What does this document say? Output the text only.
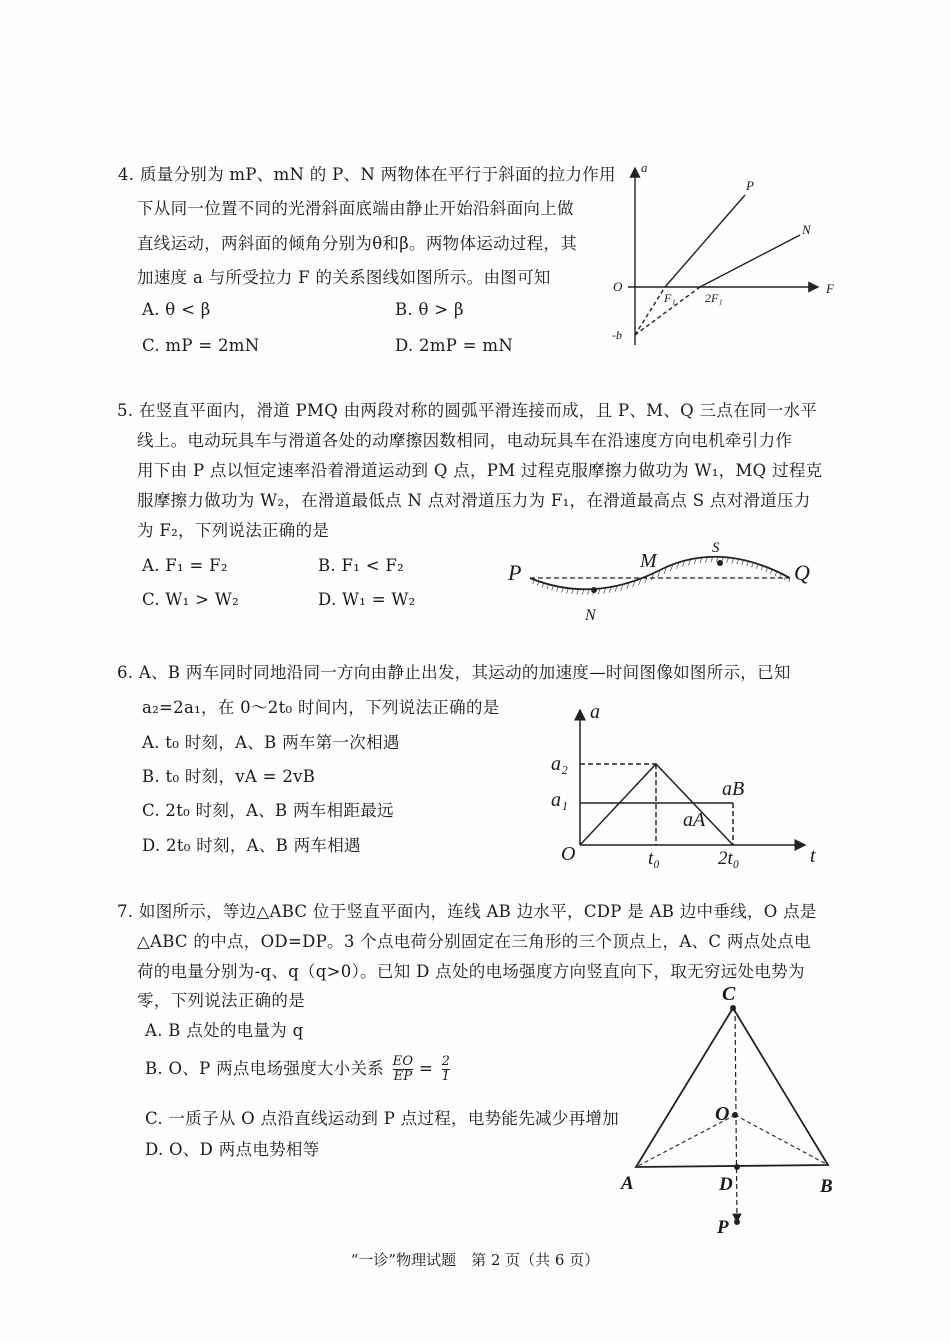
4. 质量分别为 mP、mN 的 P、N 两物体在平行于斜面的拉力作用
下从同一位置不同的光滑斜面底端由静止开始沿斜面向上做
直线运动，两斜面的倾角分别为θ和β。两物体运动过程，其
加速度 a 与所受拉力 F 的关系图线如图所示。由图可知
A. θ < β	B. θ > β
C. mP = 2mN	D. 2mP = mN
5. 在竖直平面内，滑道 PMQ 由两段对称的圆弧平滑连接而成，且 P、M、Q 三点在同一水平
线上。电动玩具车与滑道各处的动摩擦因数相同，电动玩具车在沿速度方向电机牵引力作
用下由 P 点以恒定速率沿着滑道运动到 Q 点，PM 过程克服摩擦力做功为 W₁，MQ 过程克
服摩擦力做功为 W₂，在滑道最低点 N 点对滑道压力为 F₁，在滑道最高点 S 点对滑道压力
为 F₂，下列说法正确的是
A. F₁ = F₂	B. F₁ < F₂
C. W₁ > W₂	D. W₁ = W₂
6. A、B 两车同时同地沿同一方向由静止出发，其运动的加速度—时间图像如图所示，已知
a₂=2a₁，在 0～2t₀ 时间内，下列说法正确的是
A. t₀ 时刻，A、B 两车第一次相遇
B. t₀ 时刻，vA = 2vB
C. 2t₀ 时刻，A、B 两车相距最远
D. 2t₀ 时刻，A、B 两车相遇
7. 如图所示，等边△ABC 位于竖直平面内，连线 AB 边水平，CDP 是 AB 边中垂线，O 点是
△ABC 的中点，OD=DP。3 个点电荷分别固定在三角形的三个顶点上，A、C 两点处点电
荷的电量分别为-q、q（q>0）。已知 D 点处的电场强度方向竖直向下，取无穷远处电势为
零，下列说法正确的是
A. B 点处的电量为 q
B. O、P 两点电场强度大小关系 $\frac{EO}{EP} = \frac{2}{1}$
C. 一质子从 O 点沿直线运动到 P 点过程，电势能先减少再增加
D. O、D 两点电势相等
a
F
O
P
N
F₁ 2F₁
-b
P	M	Q
N
S
a
t
O
a₂
a₁	aB
aA
t₀	2t₀
C
O
A	D	B
P
“一诊”物理试题　第 2 页（共 6 页）
